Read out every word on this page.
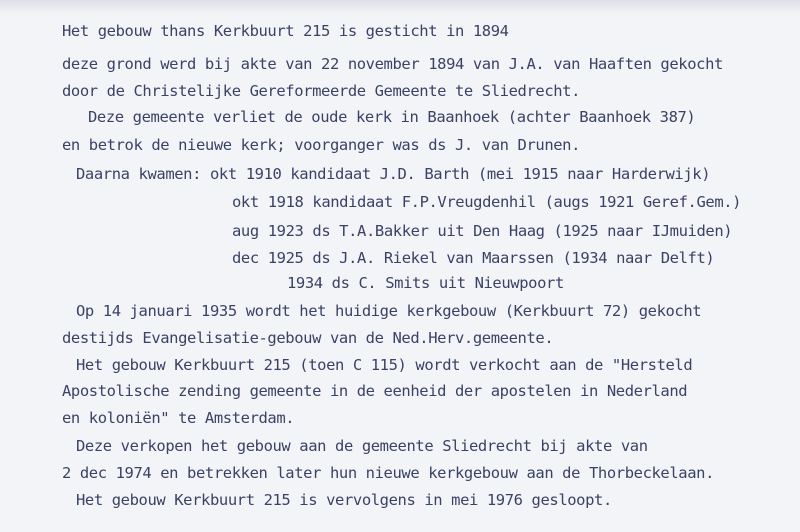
Het gebouw thans Kerkbuurt 215 is gesticht in 1894
deze grond werd bij akte van 22 november 1894 van J.A. van Haaften gekocht
door de Christelijke Gereformeerde Gemeente te Sliedrecht.
Deze gemeente verliet de oude kerk in Baanhoek (achter Baanhoek 387)
en betrok de nieuwe kerk; voorganger was ds J. van Drunen.
Daarna kwamen: okt 1910 kandidaat J.D. Barth (mei 1915 naar Harderwijk)
okt 1918 kandidaat F.P.Vreugdenhil (augs 1921 Geref.Gem.)
aug 1923 ds T.A.Bakker uit Den Haag (1925 naar IJmuiden)
dec 1925 ds J.A. Riekel van Maarssen (1934 naar Delft)
1934 ds C. Smits uit Nieuwpoort
Op 14 januari 1935 wordt het huidige kerkgebouw (Kerkbuurt 72) gekocht
destijds Evangelisatie-gebouw van de Ned.Herv.gemeente.
Het gebouw Kerkbuurt 215 (toen C 115) wordt verkocht aan de "Hersteld
Apostolische zending gemeente in de eenheid der apostelen in Nederland
en koloniën" te Amsterdam.
Deze verkopen het gebouw aan de gemeente Sliedrecht bij akte van
2 dec 1974 en betrekken later hun nieuwe kerkgebouw aan de Thorbeckelaan.
Het gebouw Kerkbuurt 215 is vervolgens in mei 1976 gesloopt.
